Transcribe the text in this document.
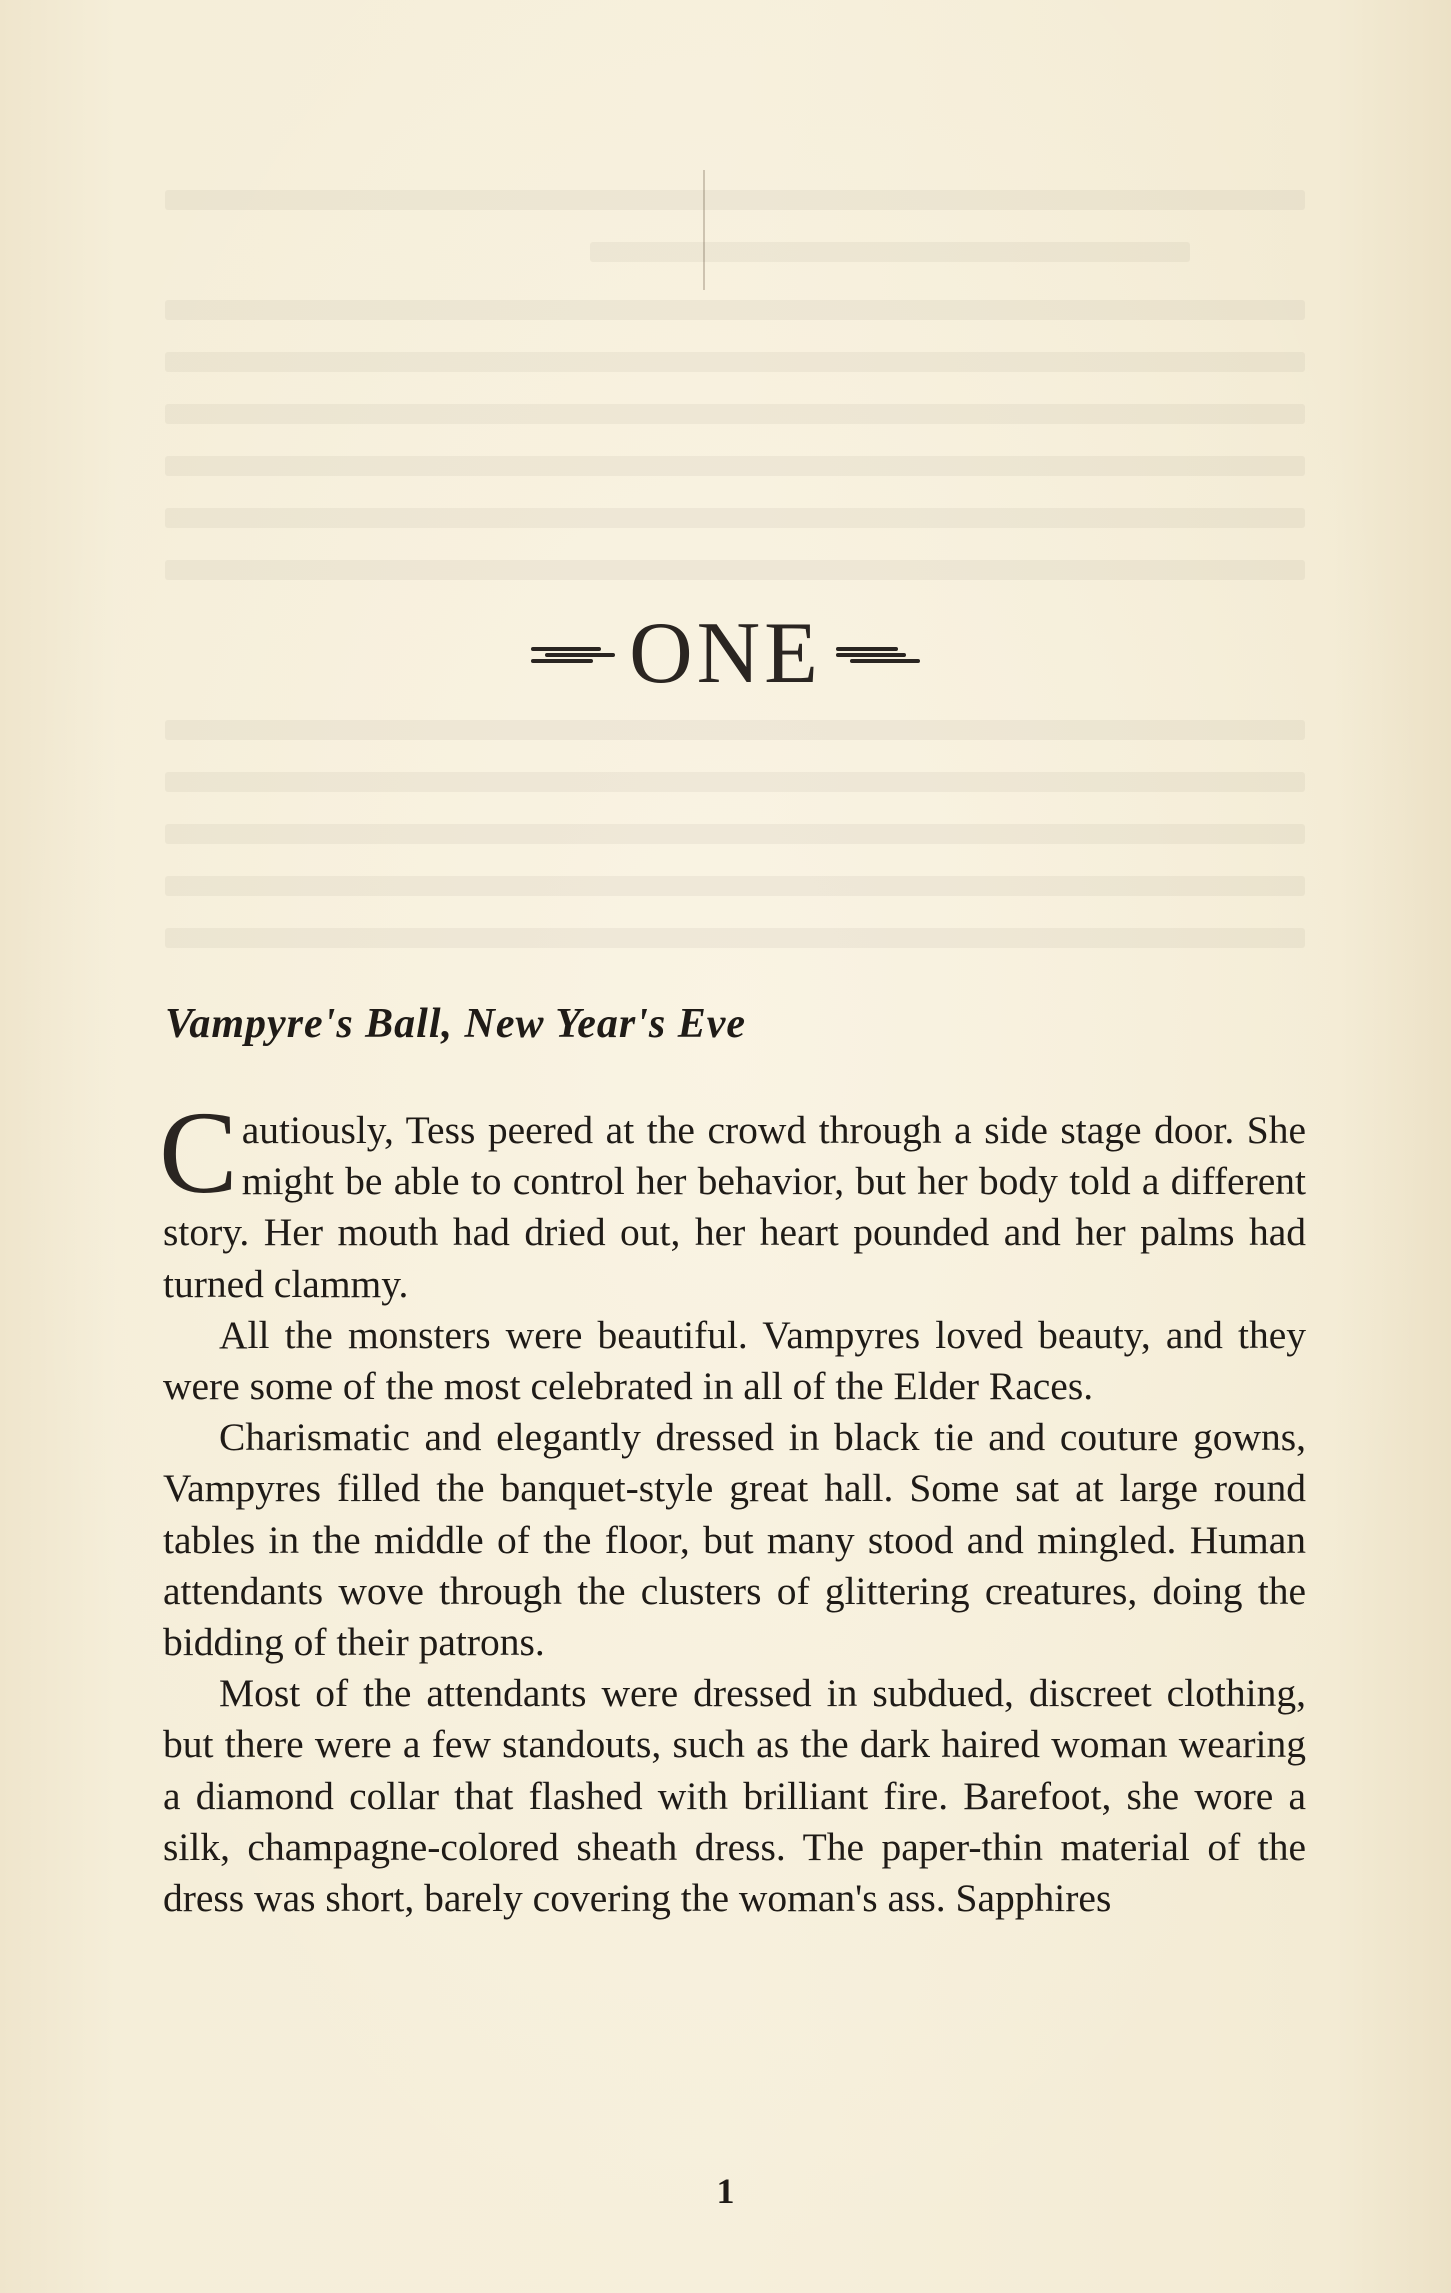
ONE
Vampyre's Ball, New Year's Eve

Cautiously, Tess peered at the crowd through a side stage door. She might be able to control her behavior, but her body told a different story. Her mouth had dried out, her heart pounded and her palms had turned clammy.

All the monsters were beautiful. Vampyres loved beauty, and they were some of the most celebrated in all of the Elder Races.

Charismatic and elegantly dressed in black tie and couture gowns, Vampyres filled the banquet-style great hall. Some sat at large round tables in the middle of the floor, but many stood and mingled. Human attendants wove through the clusters of glittering creatures, doing the bidding of their patrons.

Most of the attendants were dressed in subdued, discreet clothing, but there were a few standouts, such as the dark haired woman wearing a diamond collar that flashed with brilliant fire. Barefoot, she wore a silk, champagne-colored sheath dress. The paper-thin material of the dress was short, barely covering the woman's ass. Sapphires

1
